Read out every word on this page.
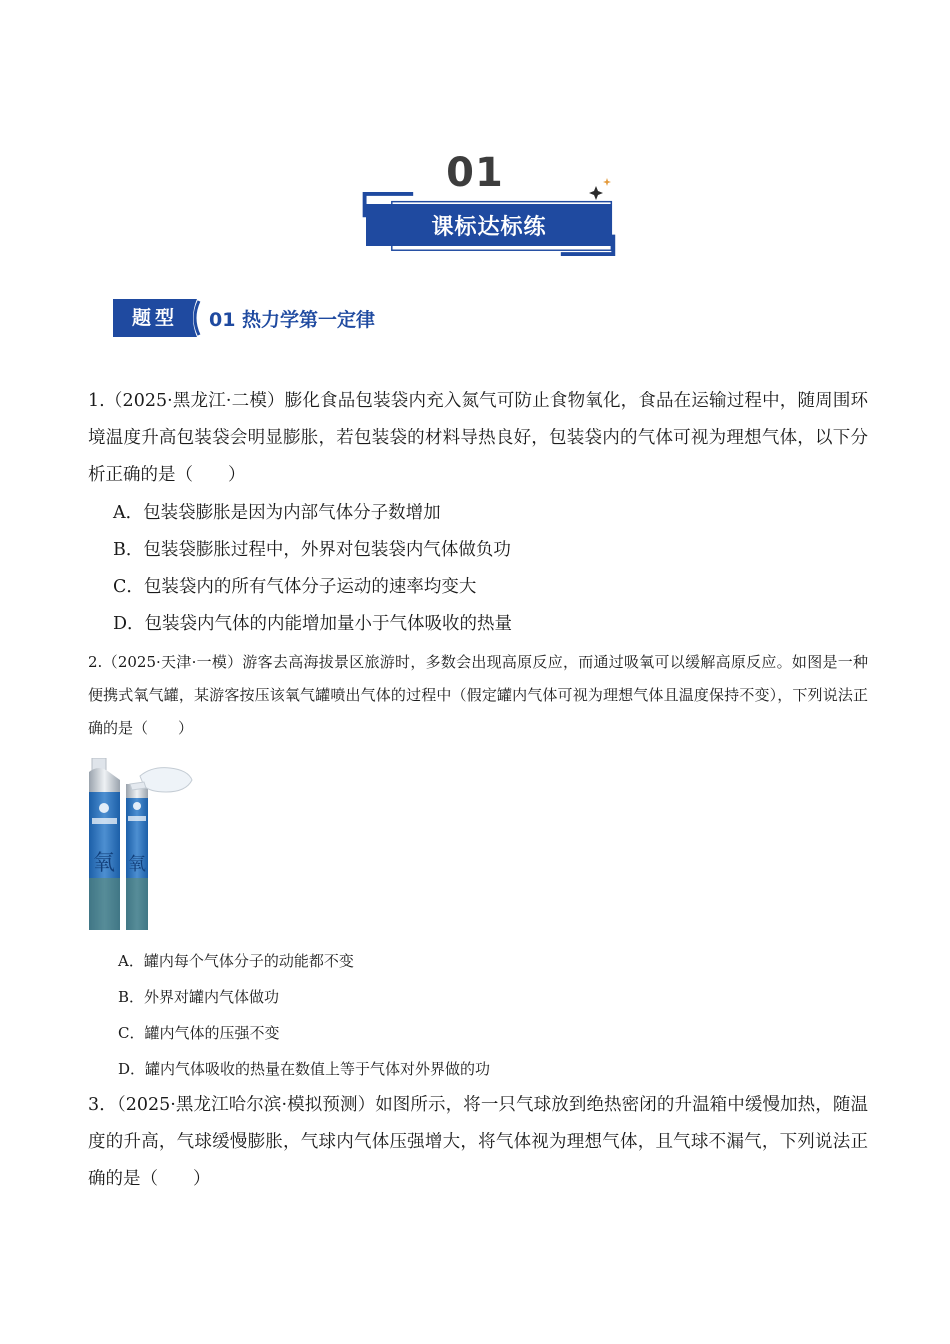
01
课标达标练
题型	01 热力学第一定律
1.（2025·黑龙江·二模）膨化食品包装袋内充入氮气可防止食物氧化，食品在运输过程中，随周围环境温度升高包装袋会明显膨胀，若包装袋的材料导热良好，包装袋内的气体可视为理想气体，以下分析正确的是（　　）
A．包装袋膨胀是因为内部气体分子数增加
B．包装袋膨胀过程中，外界对包装袋内气体做负功
C．包装袋内的所有气体分子运动的速率均变大
D．包装袋内气体的内能增加量小于气体吸收的热量
2.（2025·天津·一模）游客去高海拔景区旅游时，多数会出现高原反应，而通过吸氧可以缓解高原反应。如图是一种便携式氧气罐，某游客按压该氧气罐喷出气体的过程中（假定罐内气体可视为理想气体且温度保持不变），下列说法正确的是（　　）
氧 氧
A．罐内每个气体分子的动能都不变
B．外界对罐内气体做功
C．罐内气体的压强不变
D．罐内气体吸收的热量在数值上等于气体对外界做的功
3．（2025·黑龙江哈尔滨·模拟预测）如图所示，将一只气球放到绝热密闭的升温箱中缓慢加热，随温度的升高，气球缓慢膨胀，气球内气体压强增大，将气体视为理想气体，且气球不漏气，下列说法正确的是（　　）
